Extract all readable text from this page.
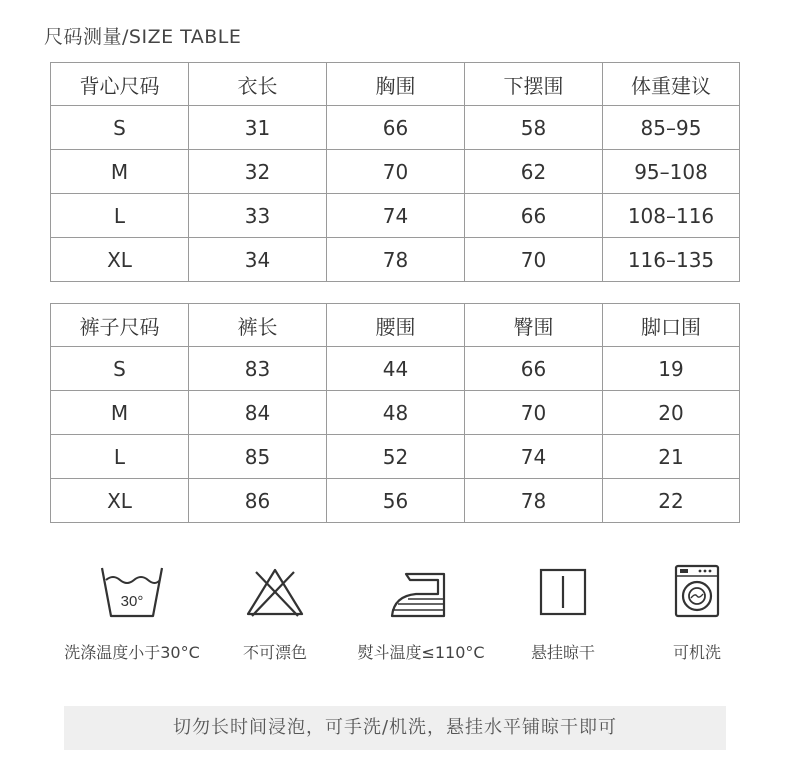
尺码测量/SIZE TABLE
背心尺码	衣长	胸围	下摆围	体重建议
S	31	66	58	85–95
M	32	70	62	95–108
L	33	74	66	108–116
XL	34	78	70	116–135
裤子尺码	裤长	腰围	臀围	脚口围
S	83	44	66	19
M	84	48	70	20
L	85	52	74	21
XL	86	56	78	22
30°
洗涤温度小于30°C	不可漂色	熨斗温度≤110°C	悬挂晾干	可机洗
切勿长时间浸泡，可手洗/机洗，悬挂水平铺晾干即可
